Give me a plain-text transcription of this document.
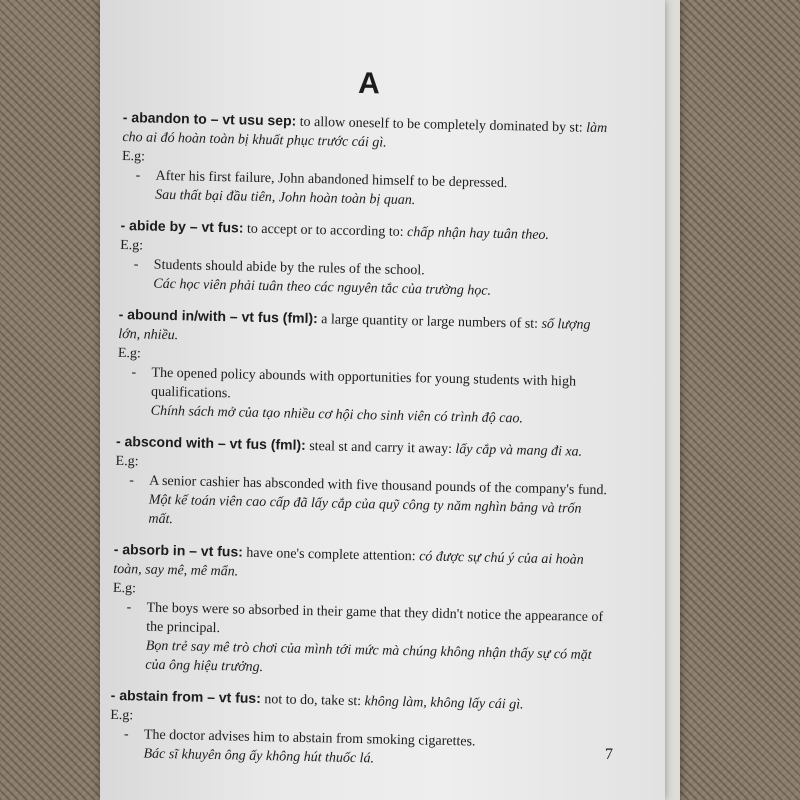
A
- abandon to – vt usu sep: to allow oneself to be completely dominated by st: làm cho ai đó hoàn toàn bị khuất phục trước cái gì.
E.g:
- After his first failure, John abandoned himself to be depressed.
Sau thất bại đầu tiên, John hoàn toàn bị quan.
- abide by – vt fus: to accept or to according to: chấp nhận hay tuân theo.
E.g:
- Students should abide by the rules of the school.
Các học viên phải tuân theo các nguyên tắc của trường học.
- abound in/with – vt fus (fml): a large quantity or large numbers of st: số lượng lớn, nhiều.
E.g:
- The opened policy abounds with opportunities for young students with high qualifications.
Chính sách mở của tạo nhiều cơ hội cho sinh viên có trình độ cao.
- abscond with – vt fus (fml): steal st and carry it away: lấy cắp và mang đi xa.
E.g:
- A senior cashier has absconded with five thousand pounds of the company's fund.
Một kế toán viên cao cấp đã lấy cắp của quỹ công ty năm nghìn bảng và trốn mất.
- absorb in – vt fus: have one's complete attention: có được sự chú ý của ai hoàn toàn, say mê, mê mẩn.
E.g:
- The boys were so absorbed in their game that they didn't notice the appearance of the principal.
Bọn trẻ say mê trò chơi của mình tới mức mà chúng không nhận thấy sự có mặt của ông hiệu trưởng.
- abstain from – vt fus: not to do, take st: không làm, không lấy cái gì.
E.g:
- The doctor advises him to abstain from smoking cigarettes.
Bác sĩ khuyên ông ấy không hút thuốc lá.	7
